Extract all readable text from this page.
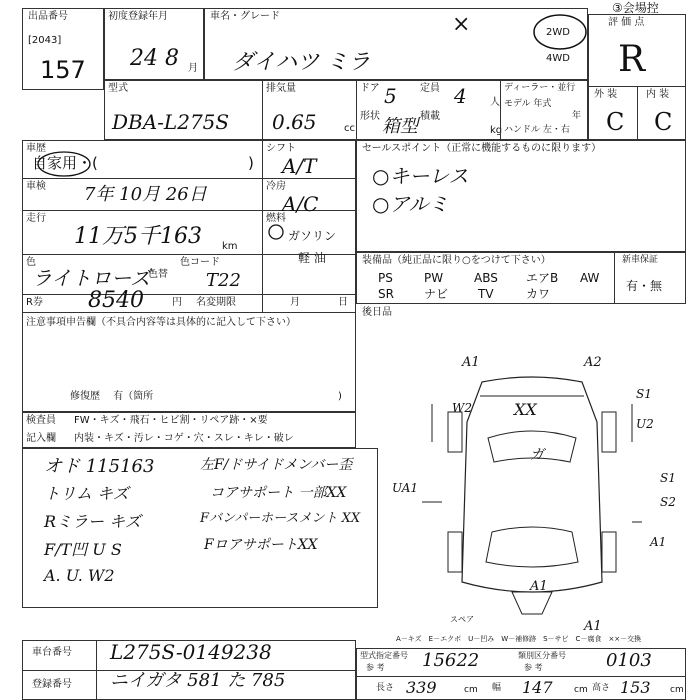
出品番号
[2043]
157
初度登録年月
24 8 月
車名・グレード
ダイハツ ミラ
×	2WD
4WD
③会場控
評 価 点
R
外 装	内 装
C C
型式
DBA-L275S
排気量
0.65	cc
ドア 5 定員 4 人
形状 箱型 積載
kg
ディーラー・並行
モデル 年式
年
ハンドル 左・右
車歴
自家用・(	)
シフト
A/T
車検 7年 10月 26日	冷房
A/C
走行
11万5千163 km
燃料
ガソリン
軽 油
色
ライトローズ
色替
色コード
T22
R券 8540	円 名変期限	月	日
注意事項申告欄（不具合内容等は具体的に記入して下さい）
修復歴　 有（箇所	)
セールスポイント（正常に機能するものに限ります）
○キーレス
○アルミ
装備品（純正品に限り○をつけて下さい）	新車保証
有・無
PS	PW	ABS エアB AW
SR	ナビ TV	カワ
後日品
検査員
記入欄
FW・キズ・飛石・ヒビ割・リペア跡・×要
内装・キズ・汚レ・コゲ・穴・スレ・キレ・破レ
オド 115163
トリム キズ
Rミラー キズ
F/T凹 U S
A. U. W2
左F/ドサイドメンバー歪
コアサポート 一部XX
Fバンパーホースメント XX
FロアサポートXX
A1	A2
W2	XX
S1
U2
S1
ガ
UA1
S2
A1
A1
A1
スペア
A－キズ　E－エクボ　U－凹み　W－補修跡　S－サビ　C－腐食　××－交換
車台番号 L275S-0149238
登録番号 ニイガタ 581 た 785
型式指定番号
参 考 15622	類別区分番号
参 考	0103
長さ 339	cm 幅 147 cm 高さ 153 cm
